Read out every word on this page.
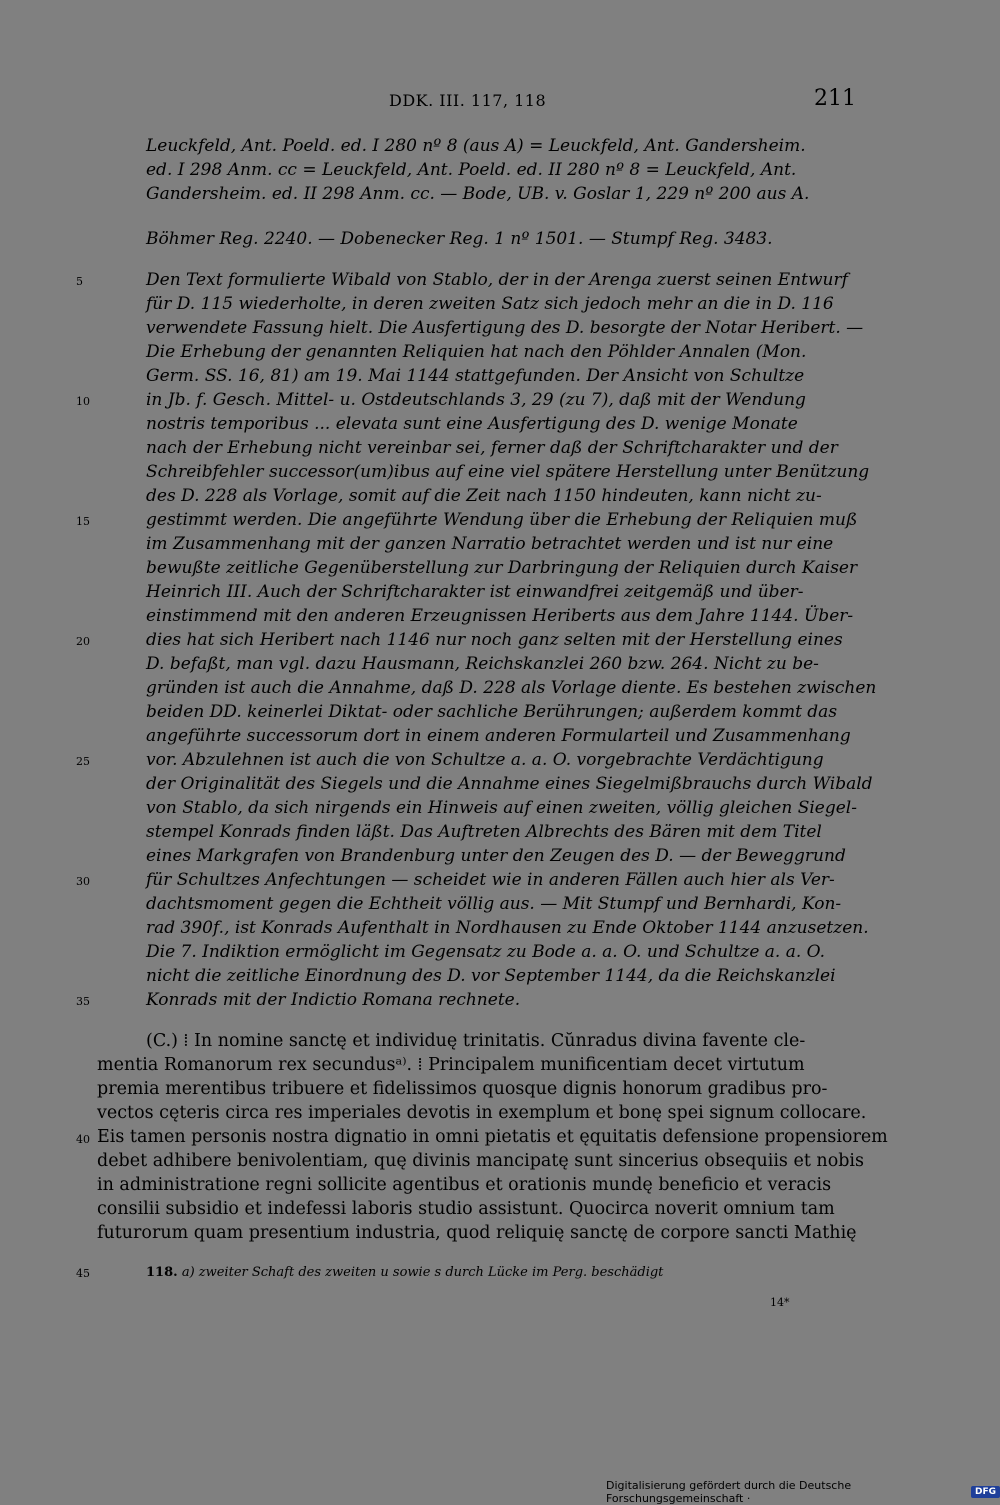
DDK. III. 117, 118	211
Leuckfeld, Ant. Poeld. ed. I 280 nº 8 (aus A) = Leuckfeld, Ant. Gandersheim.
ed. I 298 Anm. cc = Leuckfeld, Ant. Poeld. ed. II 280 nº 8 = Leuckfeld, Ant.
Gandersheim. ed. II 298 Anm. cc. — Bode, UB. v. Goslar 1, 229 nº 200 aus A.
Böhmer Reg. 2240. — Dobenecker Reg. 1 nº 1501. — Stumpf Reg. 3483.
Den Text formulierte Wibald von Stablo, der in der Arenga zuerst seinen Entwurf
für D. 115 wiederholte, in deren zweiten Satz sich jedoch mehr an die in D. 116
verwendete Fassung hielt. Die Ausfertigung des D. besorgte der Notar Heribert. —
Die Erhebung der genannten Reliquien hat nach den Pöhlder Annalen (Mon.
Germ. SS. 16, 81) am 19. Mai 1144 stattgefunden. Der Ansicht von Schultze
in Jb. f. Gesch. Mittel- u. Ostdeutschlands 3, 29 (zu 7), daß mit der Wendung
nostris temporibus ... elevata sunt eine Ausfertigung des D. wenige Monate
nach der Erhebung nicht vereinbar sei, ferner daß der Schriftcharakter und der
Schreibfehler successor(um)ibus auf eine viel spätere Herstellung unter Benützung
des D. 228 als Vorlage, somit auf die Zeit nach 1150 hindeuten, kann nicht zu-
gestimmt werden. Die angeführte Wendung über die Erhebung der Reliquien muß
im Zusammenhang mit der ganzen Narratio betrachtet werden und ist nur eine
bewußte zeitliche Gegenüberstellung zur Darbringung der Reliquien durch Kaiser
Heinrich III. Auch der Schriftcharakter ist einwandfrei zeitgemäß und über-
einstimmend mit den anderen Erzeugnissen Heriberts aus dem Jahre 1144. Über-
dies hat sich Heribert nach 1146 nur noch ganz selten mit der Herstellung eines
D. befaßt, man vgl. dazu Hausmann, Reichskanzlei 260 bzw. 264. Nicht zu be-
gründen ist auch die Annahme, daß D. 228 als Vorlage diente. Es bestehen zwischen
beiden DD. keinerlei Diktat- oder sachliche Berührungen; außerdem kommt das
angeführte successorum dort in einem anderen Formularteil und Zusammenhang
vor. Abzulehnen ist auch die von Schultze a. a. O. vorgebrachte Verdächtigung
der Originalität des Siegels und die Annahme eines Siegelmißbrauchs durch Wibald
von Stablo, da sich nirgends ein Hinweis auf einen zweiten, völlig gleichen Siegel-
stempel Konrads finden läßt. Das Auftreten Albrechts des Bären mit dem Titel
eines Markgrafen von Brandenburg unter den Zeugen des D. — der Beweggrund
für Schultzes Anfechtungen — scheidet wie in anderen Fällen auch hier als Ver-
dachtsmoment gegen die Echtheit völlig aus. — Mit Stumpf und Bernhardi, Kon-
rad 390f., ist Konrads Aufenthalt in Nordhausen zu Ende Oktober 1144 anzusetzen.
Die 7. Indiktion ermöglicht im Gegensatz zu Bode a. a. O. und Schultze a. a. O.
nicht die zeitliche Einordnung des D. vor September 1144, da die Reichskanzlei
Konrads mit der Indictio Romana rechnete.
(C.) ⁞ In nomine sanctę et individuę trinitatis. Cŭnradus divina favente cle-
mentia Romanorum rex secundusᵃ⁾. ⁞ Principalem munificentiam decet virtutum
premia merentibus tribuere et fidelissimos quosque dignis honorum gradibus pro-
vectos cęteris circa res imperiales devotis in exemplum et bonę spei signum collocare.
Eis tamen personis nostra dignatio in omni pietatis et ęquitatis defensione propensiorem
debet adhibere benivolentiam, quę divinis mancipatę sunt sincerius obsequiis et nobis
in administratione regni sollicite agentibus et orationis mundę beneficio et veracis
consilii subsidio et indefessi laboris studio assistunt. Quocirca noverit omnium tam
futurorum quam presentium industria, quod reliquię sanctę de corpore sancti Mathię
5
10
15
20
25
30
35
40
45	118. a) zweiter Schaft des zweiten u sowie s durch Lücke im Perg. beschädigt
14*
Digitalisierung gefördert durch die Deutsche Forschungsgemeinschaft ·	DFG
